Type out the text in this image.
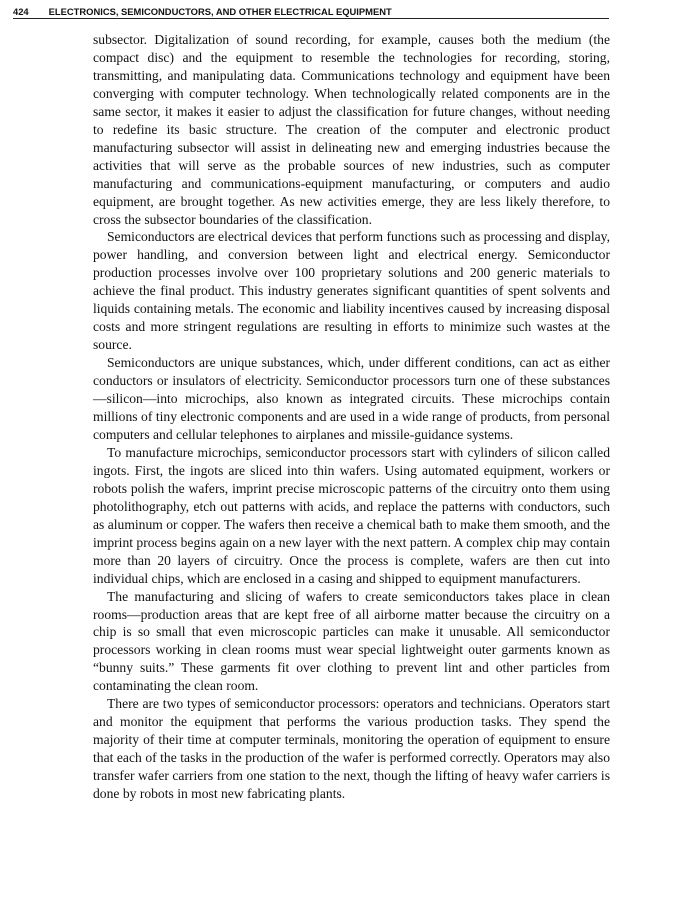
424 ELECTRONICS, SEMICONDUCTORS, AND OTHER ELECTRICAL EQUIPMENT

subsector. Digitalization of sound recording, for example, causes both the medium (the compact disc) and the equipment to resemble the technologies for recording, storing, transmitting, and manipulating data. Communications technology and equipment have been converging with computer technology. When technologically related components are in the same sector, it makes it easier to adjust the classification for future changes, without needing to redefine its basic structure. The creation of the computer and electronic product manufacturing subsector will assist in delineating new and emerging industries because the activities that will serve as the probable sources of new industries, such as computer manufacturing and communications-equipment manufacturing, or computers and audio equipment, are brought together. As new activities emerge, they are less likely therefore, to cross the subsector boundaries of the classification.

Semiconductors are electrical devices that perform functions such as processing and display, power handling, and conversion between light and electrical energy. Semiconductor production processes involve over 100 proprietary solutions and 200 generic materials to achieve the final product. This industry generates significant quantities of spent solvents and liquids containing metals. The economic and liability incentives caused by increasing disposal costs and more stringent regulations are resulting in efforts to minimize such wastes at the source.

Semiconductors are unique substances, which, under different conditions, can act as either conductors or insulators of electricity. Semiconductor processors turn one of these substances—silicon—into microchips, also known as integrated circuits. These microchips contain millions of tiny electronic components and are used in a wide range of products, from personal computers and cellular telephones to airplanes and missile-guidance systems.

To manufacture microchips, semiconductor processors start with cylinders of silicon called ingots. First, the ingots are sliced into thin wafers. Using automated equipment, workers or robots polish the wafers, imprint precise microscopic patterns of the circuitry onto them using photolithography, etch out patterns with acids, and replace the patterns with conductors, such as aluminum or copper. The wafers then receive a chemical bath to make them smooth, and the imprint process begins again on a new layer with the next pattern. A complex chip may contain more than 20 layers of circuitry. Once the process is complete, wafers are then cut into individual chips, which are enclosed in a casing and shipped to equipment manufacturers.

The manufacturing and slicing of wafers to create semiconductors takes place in clean rooms—production areas that are kept free of all airborne matter because the circuitry on a chip is so small that even microscopic particles can make it unusable. All semiconductor processors working in clean rooms must wear special lightweight outer garments known as “bunny suits.” These garments fit over clothing to prevent lint and other particles from contaminating the clean room.

There are two types of semiconductor processors: operators and technicians. Operators start and monitor the equipment that performs the various production tasks. They spend the majority of their time at computer terminals, monitoring the operation of equipment to ensure that each of the tasks in the production of the wafer is performed correctly. Operators may also transfer wafer carriers from one station to the next, though the lifting of heavy wafer carriers is done by robots in most new fabricating plants.
